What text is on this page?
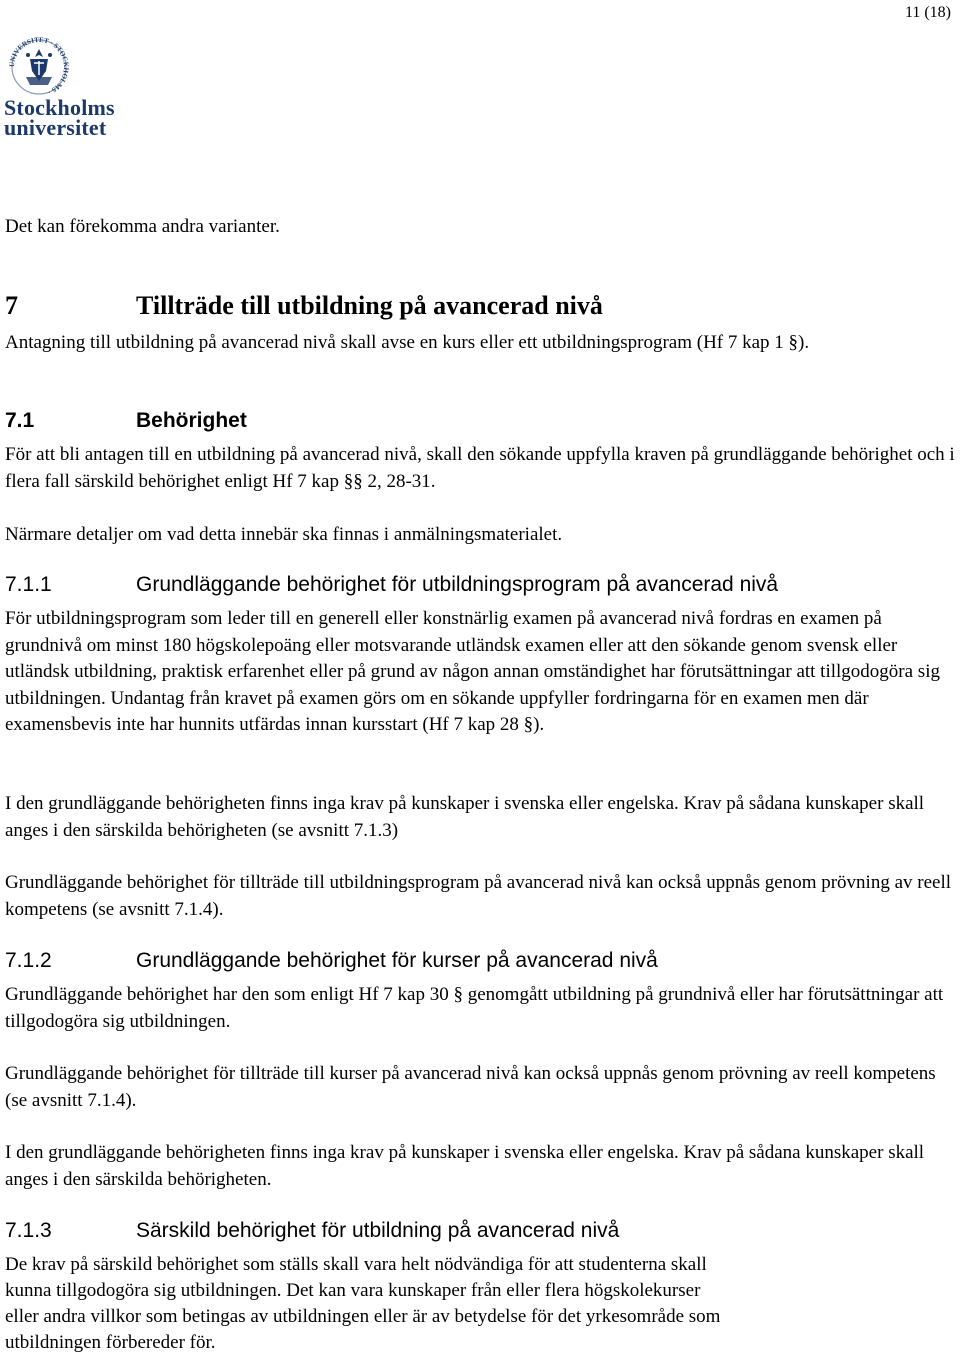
11 (18)
UNIVERSITET · STOCKHOLMS ·
Stockholms
universitet

Det kan förekomma andra varianter.

7	Tillträde till utbildning på avancerad nivå

Antagning till utbildning på avancerad nivå skall avse en kurs eller ett utbildningsprogram (Hf 7 kap 1 §).

7.1	Behörighet

För att bli antagen till en utbildning på avancerad nivå, skall den sökande uppfylla kraven på grundläggande behörighet och i flera fall särskild behörighet enligt Hf 7 kap §§ 2, 28-31.

Närmare detaljer om vad detta innebär ska finnas i anmälningsmaterialet.

7.1.1	Grundläggande behörighet för utbildningsprogram på avancerad nivå

För utbildningsprogram som leder till en generell eller konstnärlig examen på avancerad nivå fordras en examen på grundnivå om minst 180 högskolepoäng eller motsvarande utländsk examen eller att den sökande genom svensk eller utländsk utbildning, praktisk erfarenhet eller på grund av någon annan omständighet har förutsättningar att tillgodogöra sig utbildningen. Undantag från kravet på examen görs om en sökande uppfyller fordringarna för en examen men där examensbevis inte har hunnits utfärdas innan kursstart (Hf 7 kap 28 §).

I den grundläggande behörigheten finns inga krav på kunskaper i svenska eller engelska. Krav på sådana kunskaper skall anges i den särskilda behörigheten (se avsnitt 7.1.3)

Grundläggande behörighet för tillträde till utbildningsprogram på avancerad nivå kan också uppnås genom prövning av reell kompetens (se avsnitt 7.1.4).

7.1.2	Grundläggande behörighet för kurser på avancerad nivå

Grundläggande behörighet har den som enligt Hf 7 kap 30 § genomgått utbildning på grundnivå eller har förutsättningar att tillgodogöra sig utbildningen.

Grundläggande behörighet för tillträde till kurser på avancerad nivå kan också uppnås genom prövning av reell kompetens (se avsnitt 7.1.4).

I den grundläggande behörigheten finns inga krav på kunskaper i svenska eller engelska. Krav på sådana kunskaper skall anges i den särskilda behörigheten.

7.1.3	Särskild behörighet för utbildning på avancerad nivå

De krav på särskild behörighet som ställs skall vara helt nödvändiga för att studenterna skall

kunna tillgodogöra sig utbildningen. Det kan vara kunskaper från eller flera högskolekurser

eller andra villkor som betingas av utbildningen eller är av betydelse för det yrkesområde som

utbildningen förbereder för.
